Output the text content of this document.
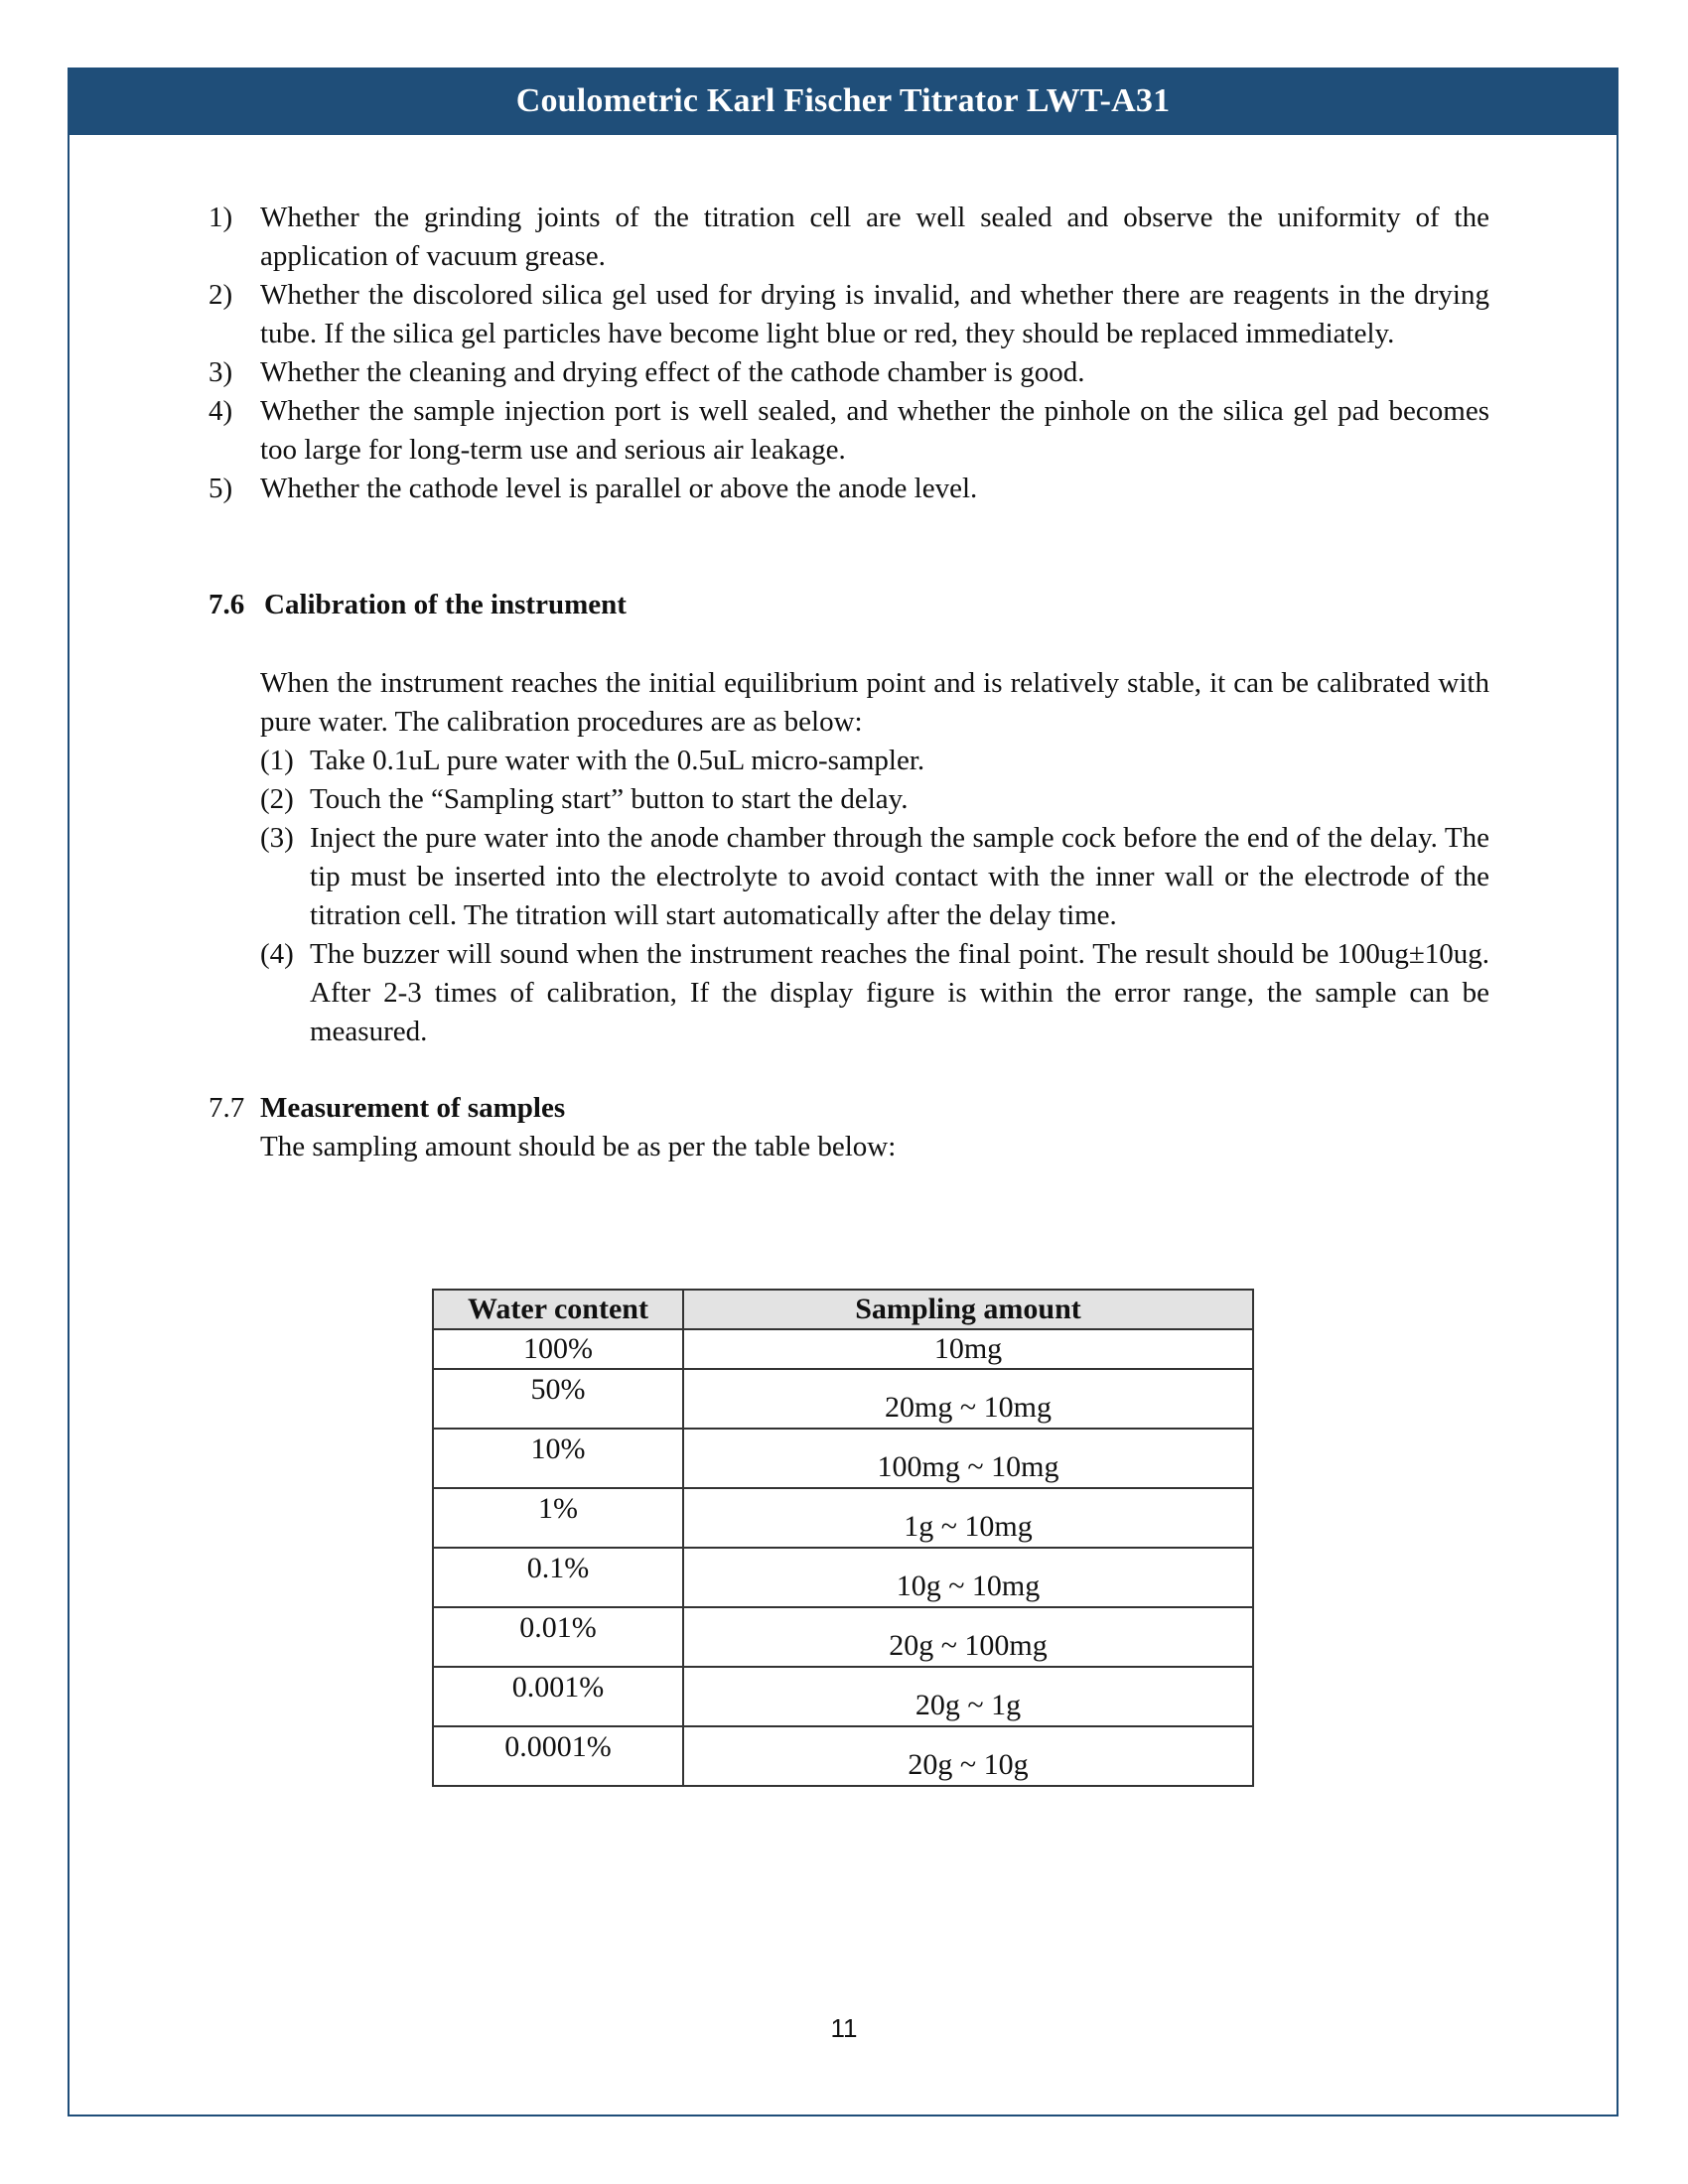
Coulometric Karl Fischer Titrator LWT-A31
1) Whether the grinding joints of the titration cell are well sealed and observe the uniformity of the application of vacuum grease.
2) Whether the discolored silica gel used for drying is invalid, and whether there are reagents in the drying tube. If the silica gel particles have become light blue or red, they should be replaced immediately.
3) Whether the cleaning and drying effect of the cathode chamber is good.
4) Whether the sample injection port is well sealed, and whether the pinhole on the silica gel pad becomes too large for long-term use and serious air leakage.
5) Whether the cathode level is parallel or above the anode level.
7.6 Calibration of the instrument
When the instrument reaches the initial equilibrium point and is relatively stable, it can be calibrated with pure water. The calibration procedures are as below:
(1) Take 0.1uL pure water with the 0.5uL micro-sampler.
(2) Touch the “Sampling start” button to start the delay.
(3) Inject the pure water into the anode chamber through the sample cock before the end of the delay. The tip must be inserted into the electrolyte to avoid contact with the inner wall or the electrode of the titration cell. The titration will start automatically after the delay time.
(4) The buzzer will sound when the instrument reaches the final point. The result should be 100ug±10ug. After 2-3 times of calibration, If the display figure is within the error range, the sample can be measured.
7.7 Measurement of samples
The sampling amount should be as per the table below:
Water content	Sampling amount
100%	10mg
50%	20mg ~ 10mg
10%	100mg ~ 10mg
1%	1g ~ 10mg
0.1%	10g ~ 10mg
0.01%	20g ~ 100mg
0.001%	20g ~ 1g
0.0001%	20g ~ 10g
11
